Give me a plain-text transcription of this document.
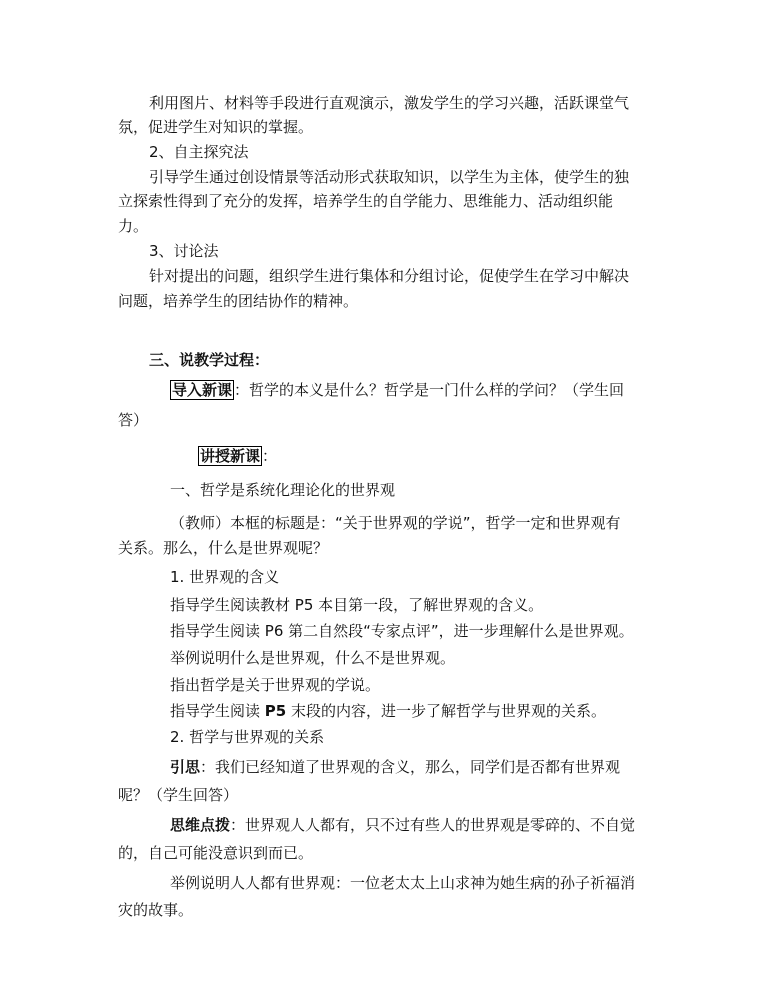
利用图片、材料等手段进行直观演示，激发学生的学习兴趣，活跃课堂气
氛，促进学生对知识的掌握。
2、自主探究法
引导学生通过创设情景等活动形式获取知识，以学生为主体，使学生的独
立探索性得到了充分的发挥，培养学生的自学能力、思维能力、活动组织能
力。
3、讨论法
针对提出的问题，组织学生进行集体和分组讨论，促使学生在学习中解决
问题，培养学生的团结协作的精神。
三、说教学过程：
导入新课 ：哲学的本义是什么？哲学是一门什么样的学问？（学生回
答）
讲授新课 ：
一、哲学是系统化理论化的世界观
（教师）本框的标题是：“关于世界观的学说”，哲学一定和世界观有
关系。那么，什么是世界观呢？
1. 世界观的含义
指导学生阅读教材 P5 本目第一段，了解世界观的含义。
指导学生阅读 P6 第二自然段“专家点评”，进一步理解什么是世界观。
举例说明什么是世界观，什么不是世界观。
指出哲学是关于世界观的学说。
指导学生阅读 P5 末段的内容，进一步了解哲学与世界观的关系。
2. 哲学与世界观的关系
引思：我们已经知道了世界观的含义，那么，同学们是否都有世界观
呢？（学生回答）
思维点拨：世界观人人都有，只不过有些人的世界观是零碎的、不自觉
的，自己可能没意识到而已。
举例说明人人都有世界观：一位老太太上山求神为她生病的孙子祈福消
灾的故事。
